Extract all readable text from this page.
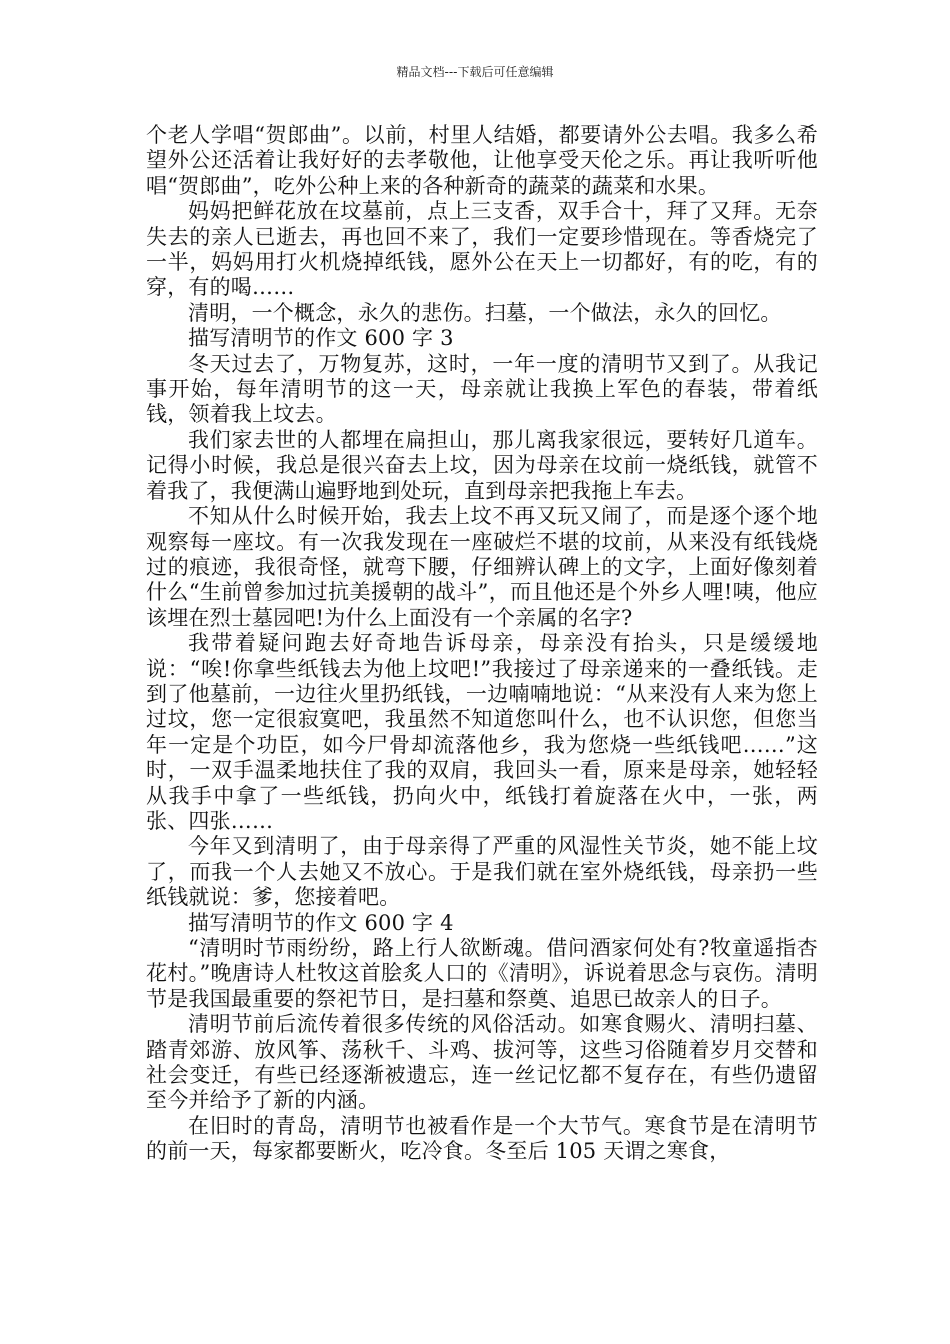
精品文档---下载后可任意编辑

个老人学唱“贺郎曲”。以前，村里人结婚，都要请外公去唱。我多么希望外公还活着让我好好的去孝敬他，让他享受天伦之乐。再让我听听他唱“贺郎曲”，吃外公种上来的各种新奇的蔬菜的蔬菜和水果。

妈妈把鲜花放在坟墓前，点上三支香，双手合十，拜了又拜。无奈失去的亲人已逝去，再也回不来了，我们一定要珍惜现在。等香烧完了一半，妈妈用打火机烧掉纸钱，愿外公在天上一切都好，有的吃，有的穿，有的喝……

清明，一个概念，永久的悲伤。扫墓，一个做法，永久的回忆。

描写清明节的作文 600 字 3

冬天过去了，万物复苏，这时，一年一度的清明节又到了。从我记事开始，每年清明节的这一天，母亲就让我换上军色的春装，带着纸钱，领着我上坟去。

我们家去世的人都埋在扁担山，那儿离我家很远，要转好几道车。记得小时候，我总是很兴奋去上坟，因为母亲在坟前一烧纸钱，就管不着我了，我便满山遍野地到处玩，直到母亲把我拖上车去。

不知从什么时候开始，我去上坟不再又玩又闹了，而是逐个逐个地观察每一座坟。有一次我发现在一座破烂不堪的坟前，从来没有纸钱烧过的痕迹，我很奇怪，就弯下腰，仔细辨认碑上的文字，上面好像刻着什么“生前曾参加过抗美援朝的战斗”，而且他还是个外乡人哩!咦，他应该埋在烈士墓园吧!为什么上面没有一个亲属的名字?

我带着疑问跑去好奇地告诉母亲，母亲没有抬头，只是缓缓地说：“唉!你拿些纸钱去为他上坟吧!”我接过了母亲递来的一叠纸钱。走到了他墓前，一边往火里扔纸钱，一边喃喃地说：“从来没有人来为您上过坟，您一定很寂寞吧，我虽然不知道您叫什么，也不认识您，但您当年一定是个功臣，如今尸骨却流落他乡，我为您烧一些纸钱吧……”这时，一双手温柔地扶住了我的双肩，我回头一看，原来是母亲，她轻轻从我手中拿了一些纸钱，扔向火中，纸钱打着旋落在火中，一张，两张、四张……

今年又到清明了，由于母亲得了严重的风湿性关节炎，她不能上坟了，而我一个人去她又不放心。于是我们就在室外烧纸钱，母亲扔一些纸钱就说：爹，您接着吧。

描写清明节的作文 600 字 4

“清明时节雨纷纷，路上行人欲断魂。借问酒家何处有?牧童遥指杏花村。”晚唐诗人杜牧这首脍炙人口的《清明》，诉说着思念与哀伤。清明节是我国最重要的祭祀节日，是扫墓和祭奠、追思已故亲人的日子。

清明节前后流传着很多传统的风俗活动。如寒食赐火、清明扫墓、踏青郊游、放风筝、荡秋千、斗鸡、拔河等，这些习俗随着岁月交替和社会变迁，有些已经逐渐被遗忘，连一丝记忆都不复存在，有些仍遗留至今并给予了新的内涵。

在旧时的青岛，清明节也被看作是一个大节气。寒食节是在清明节的前一天，每家都要断火，吃冷食。冬至后 105 天谓之寒食，
